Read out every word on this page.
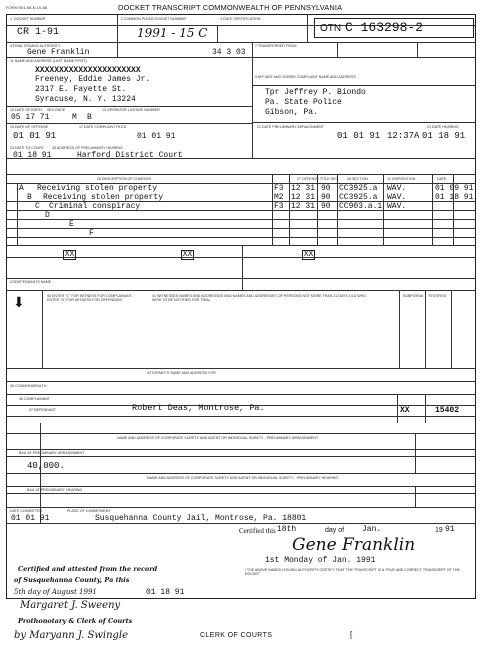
FORM 501-68-N 10-88	DOCKET TRANSCRIPT COMMONWEALTH OF PENNSYLVANIA
1. DOCKET NUMBER	2 COMMON PLEAS DOCKET NUMBER	3 DATE CERTIFICATION
CR 1-91	1991 - 15 C	OTN C 163298-2
4 FINAL ISSUING AUTHORITY	7 TRANSFERRED FROM
Gene Franklin	34 3 03
11 NAME AND ADDRESS (LAST NAME FIRST)
XXXXXXXXXXXXXXXXXXXXXX
Freeney, Eddie James Jr.
2317 E. Fayette St.
Syracuse, N. Y. 13224
12 DATE OF BIRTH SEX RACE	13 OPERATOR LICENSE NUMBER
05 17 71	M B
9 AFFIANT AND SIGNED COMPLAINT NAME AND ADDRESS
Tpr Jeffrey P. Biondo
Pa. State Police
Gibson, Pa.
15 DATE OF OFFENSE	17 DATE COMPLAINT FILED	21 DATE PRELIMINARY ARRAIGNMENT	23 DATE HEARING
01 01 91	01 01 91	01 01 91 12:37A 01 18 91
24 DATE TO COURT 25 ADDRESS OF PRELIMINARY HEARING
01 18 91	Harford District Court
26 DESCRIPTION OF CHARGES	27 OFFENSE TITLE SEC 28 SECTION	31 DISPOSITION	DATE
A Receiving stolen property	F3 12 31 90 CC3925.a WAV.	01 09 91
B Receiving stolen property	M2 12 31 90 CC3925.a WAV.	01 18 91
C Criminal conspiracy	F3 12 31 90 CC903.a.1 WAV.
D
E
F
XX	XX	XX
CODEFENDANTS NAME
⬇	40 ENTER "C" FOR WITNESS FOR COMPLAINANT. ENTER "D" FOR WITNESS FOR DEFENDANT
41 WITNESSES NAMES AND ADDRESSES AND NAMES AND ADDRESSES OF PERSONS NOT MORE THAN 21 DAYS OLD WHO WISH TO BE NOTIFIED FOR TRIAL
SUBPOENA TESTIFIED
ATTORNEY'S NAME AND ADDRESS FOR
45 COMMONWEALTH
46 COMPLAINANT
47 DEFENDANT	Robert Deas, Montrose, Pa.	XX	15402
NAME AND ADDRESS OF CORPORATE SURETY AND AGENT OR INDIVIDUAL SURETY - PRELIMINARY ARRAIGNMENT
BAIL AT PRELIMINARY ARRAIGNMENT
40,000.
NAME AND ADDRESS OF CORPORATE SURETY AND AGENT OR INDIVIDUAL SURETY - PRELIMINARY HEARING
BAIL AT PRELIMINARY HEARING
DATE COMMITTED	PLACE OF COMMITMENT
01 01 91	Susquehanna County Jail, Montrose, Pa. 18801
Certified this 18th	day of Jan.	19 91
Gene Franklin
1st Monday of Jan. 1991
I THE ABOVE NAMED ISSUING AUTHORITY CERTIFY THAT THE TRANSCRIPT IS A TRUE AND CORRECT TRANSCRIPT OF THE DOCKET
Certified and attested from the record
of Susquehanna County, Pa this
5th day of August 1991	01 18 91
Margaret J. Sweeny
Prothonotary & Clerk of Courts
by Maryann J. Swingle	CLERK OF COURTS	[
